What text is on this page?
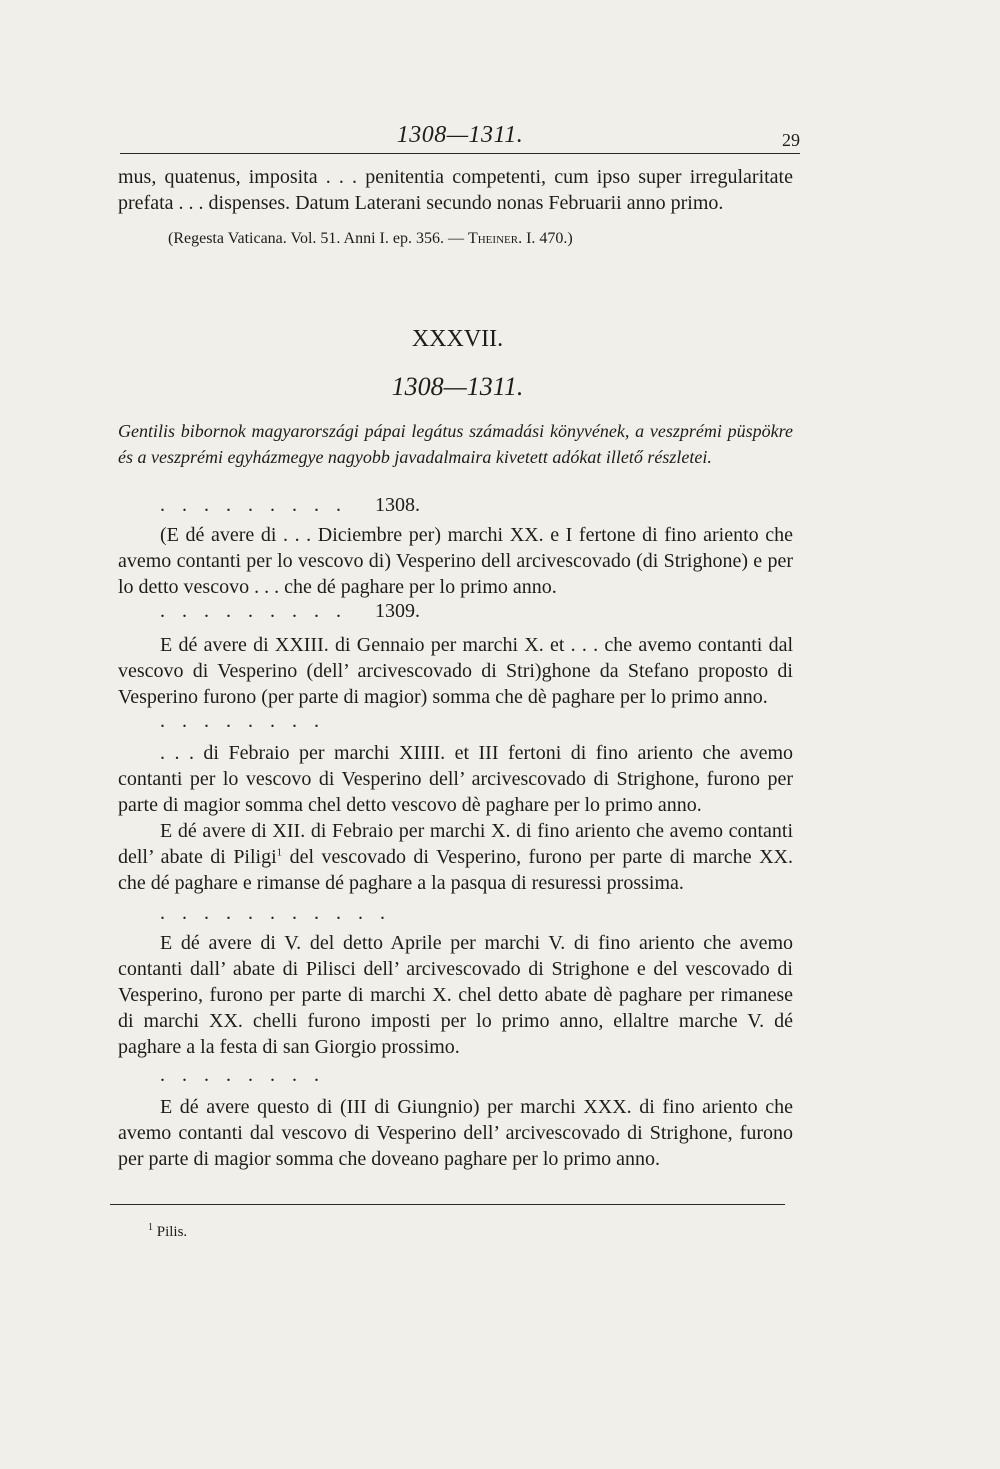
1308—1311.	29

mus, quatenus, imposita . . . penitentia competenti, cum ipso super irregularitate prefata . . . dispenses. Datum Laterani secundo nonas Februarii anno primo.

(Regesta Vaticana. Vol. 51. Anni I. ep. 356. — Theiner. I. 470.)

XXXVII.
1308—1311.
Gentilis bibornok magyarországi pápai legátus számadási könyvének, a veszprémi püspökre és a veszprémi egyházmegye nagyobb javadalmaira kivetett adókat illető részletei.
. . . . . . . . . 1308.

(E dé avere di . . . Diciembre per) marchi XX. e I fertone di fino ariento che avemo contanti per lo vescovo di) Vesperino dell arcivescovado (di Strighone) e per lo detto vescovo . . . che dé paghare per lo primo anno.

. . . . . . . . . 1309.

E dé avere di XXIII. di Gennaio per marchi X. et . . . che avemo contanti dal vescovo di Vesperino (dell’ arcivescovado di Stri)ghone da Stefano proposto di Vesperino furono (per parte di magior) somma che dè paghare per lo primo anno.

. . . . . . . .

. . . di Febraio per marchi XIIII. et III fertoni di fino ariento che avemo contanti per lo vescovo di Vesperino dell’ arcivescovado di Strighone, furono per parte di magior somma chel detto vescovo dè paghare per lo primo anno.

E dé avere di XII. di Febraio per marchi X. di fino ariento che avemo contanti dell’ abate di Piligi$^1$ del vescovado di Vesperino, furono per parte di marche XX. che dé paghare e rimanse dé paghare a la pasqua di resuressi prossima.

. . . . . . . . . . .

E dé avere di V. del detto Aprile per marchi V. di fino ariento che avemo contanti dall’ abate di Pilisci dell’ arcivescovado di Strighone e del vescovado di Vesperino, furono per parte di marchi X. chel detto abate dè paghare per rimanese di marchi XX. chelli furono imposti per lo primo anno, ellaltre marche V. dé paghare a la festa di san Giorgio prossimo.

. . . . . . . .

E dé avere questo di (III di Giungnio) per marchi XXX. di fino ariento che avemo contanti dal vescovo di Vesperino dell’ arcivescovado di Strighone, furono per parte di magior somma che doveano paghare per lo primo anno.

$^1$ Pilis.
